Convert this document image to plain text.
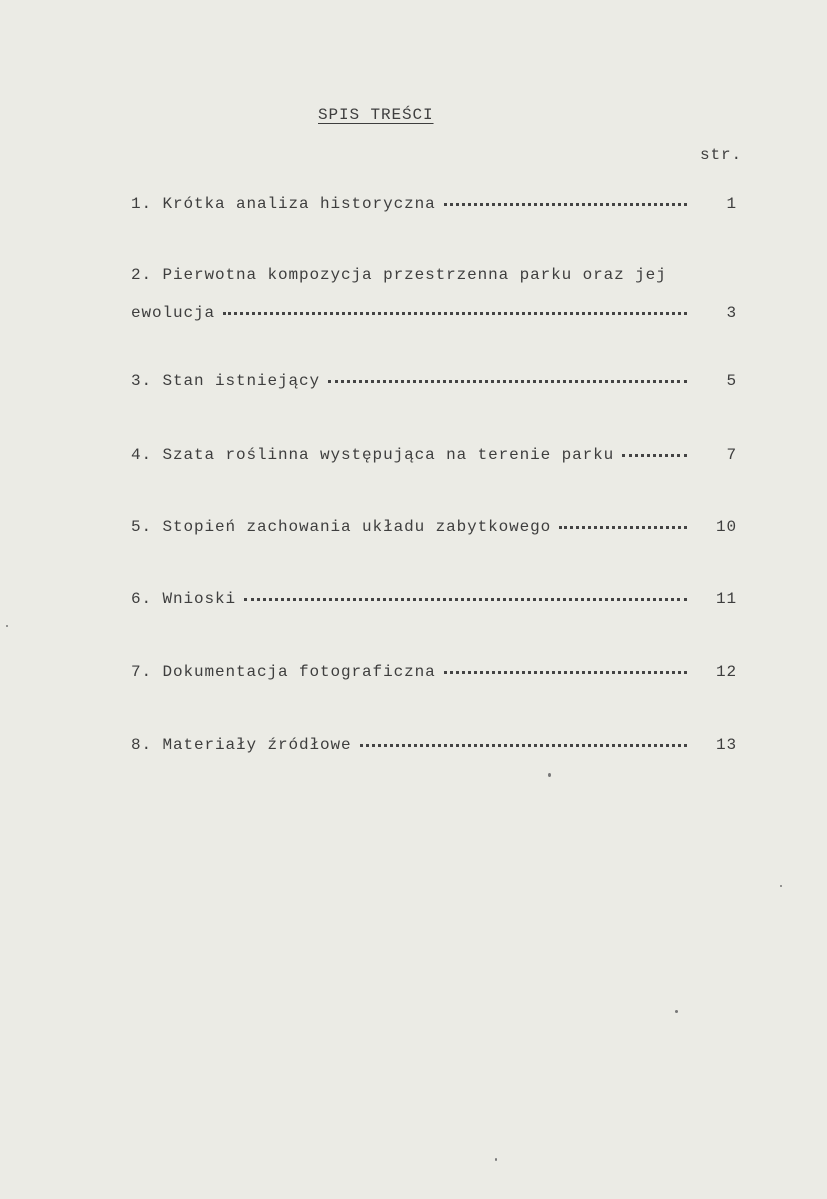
SPIS TREŚCI
str.
1.
Krótka analiza historyczna	1
2.
Pierwotna kompozycja przestrzenna parku oraz jej
ewolucja	3
3.
Stan istniejący	5
4.
Szata roślinna występująca na terenie parku	7
5.
Stopień zachowania układu zabytkowego	10
6.
Wnioski	11
7.
Dokumentacja fotograficzna	12
8.
Materiały źródłowe	13
